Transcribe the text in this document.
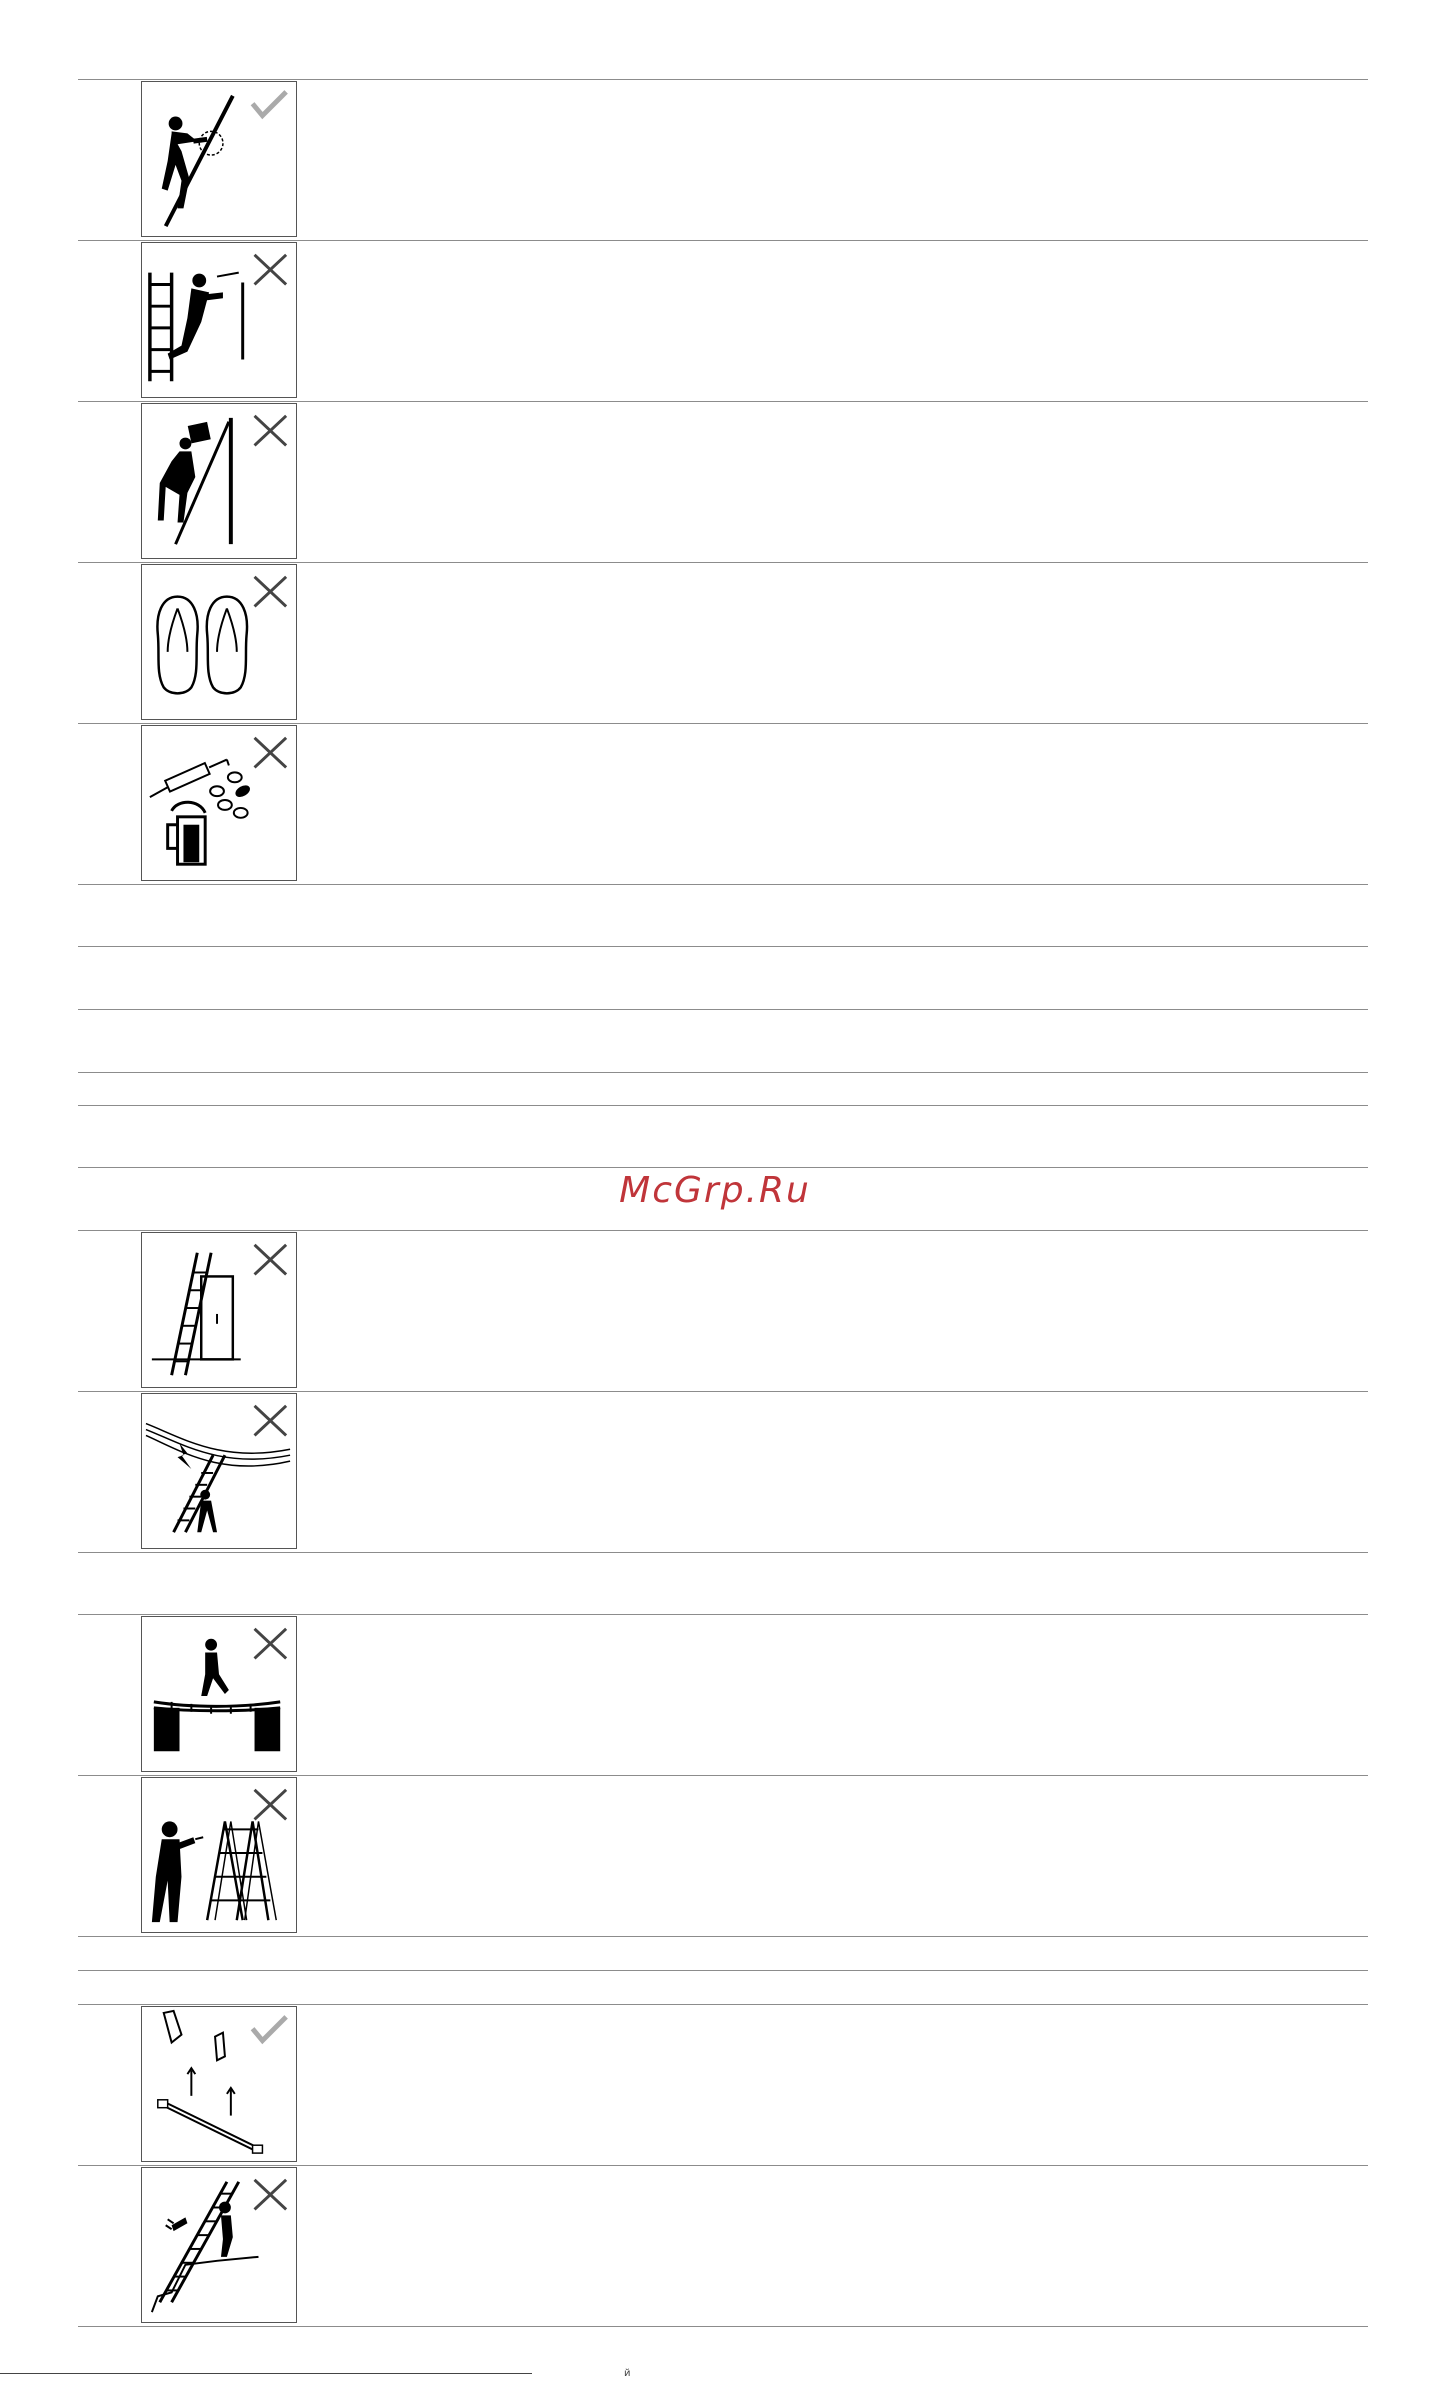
McGrp.Ru
й
